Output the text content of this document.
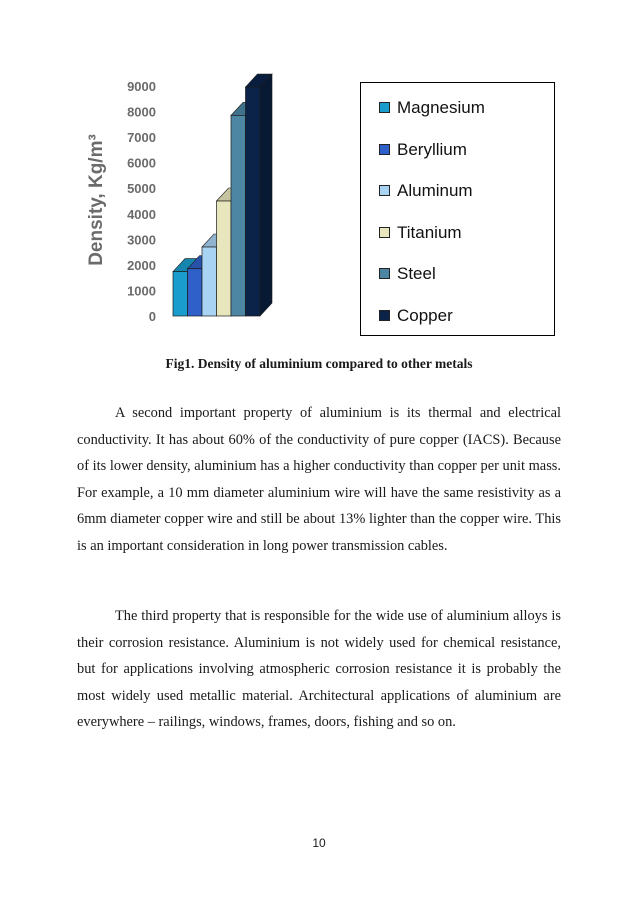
Density, Kg/m³
0
1000
2000
3000
4000
5000
6000
7000
8000
9000
Magnesium
Beryllium
Aluminum
Titanium
Steel
Copper
Fig1. Density of aluminium compared to other metals
A second important property of aluminium is its thermal and electrical conductivity. It has about 60% of the conductivity of pure copper (IACS). Because of its lower density, aluminium has a higher conductivity than copper per unit mass. For example, a 10 mm diameter aluminium wire will have the same resistivity as a 6mm diameter copper wire and still be about 13% lighter than the copper wire. This is an important consideration in long power transmission cables.
The third property that is responsible for the wide use of aluminium alloys is their corrosion resistance. Aluminium is not widely used for chemical resistance, but for applications involving atmospheric corrosion resistance it is probably the most widely used metallic material. Architectural applications of aluminium are everywhere – railings, windows, frames, doors, fishing and so on.
10
